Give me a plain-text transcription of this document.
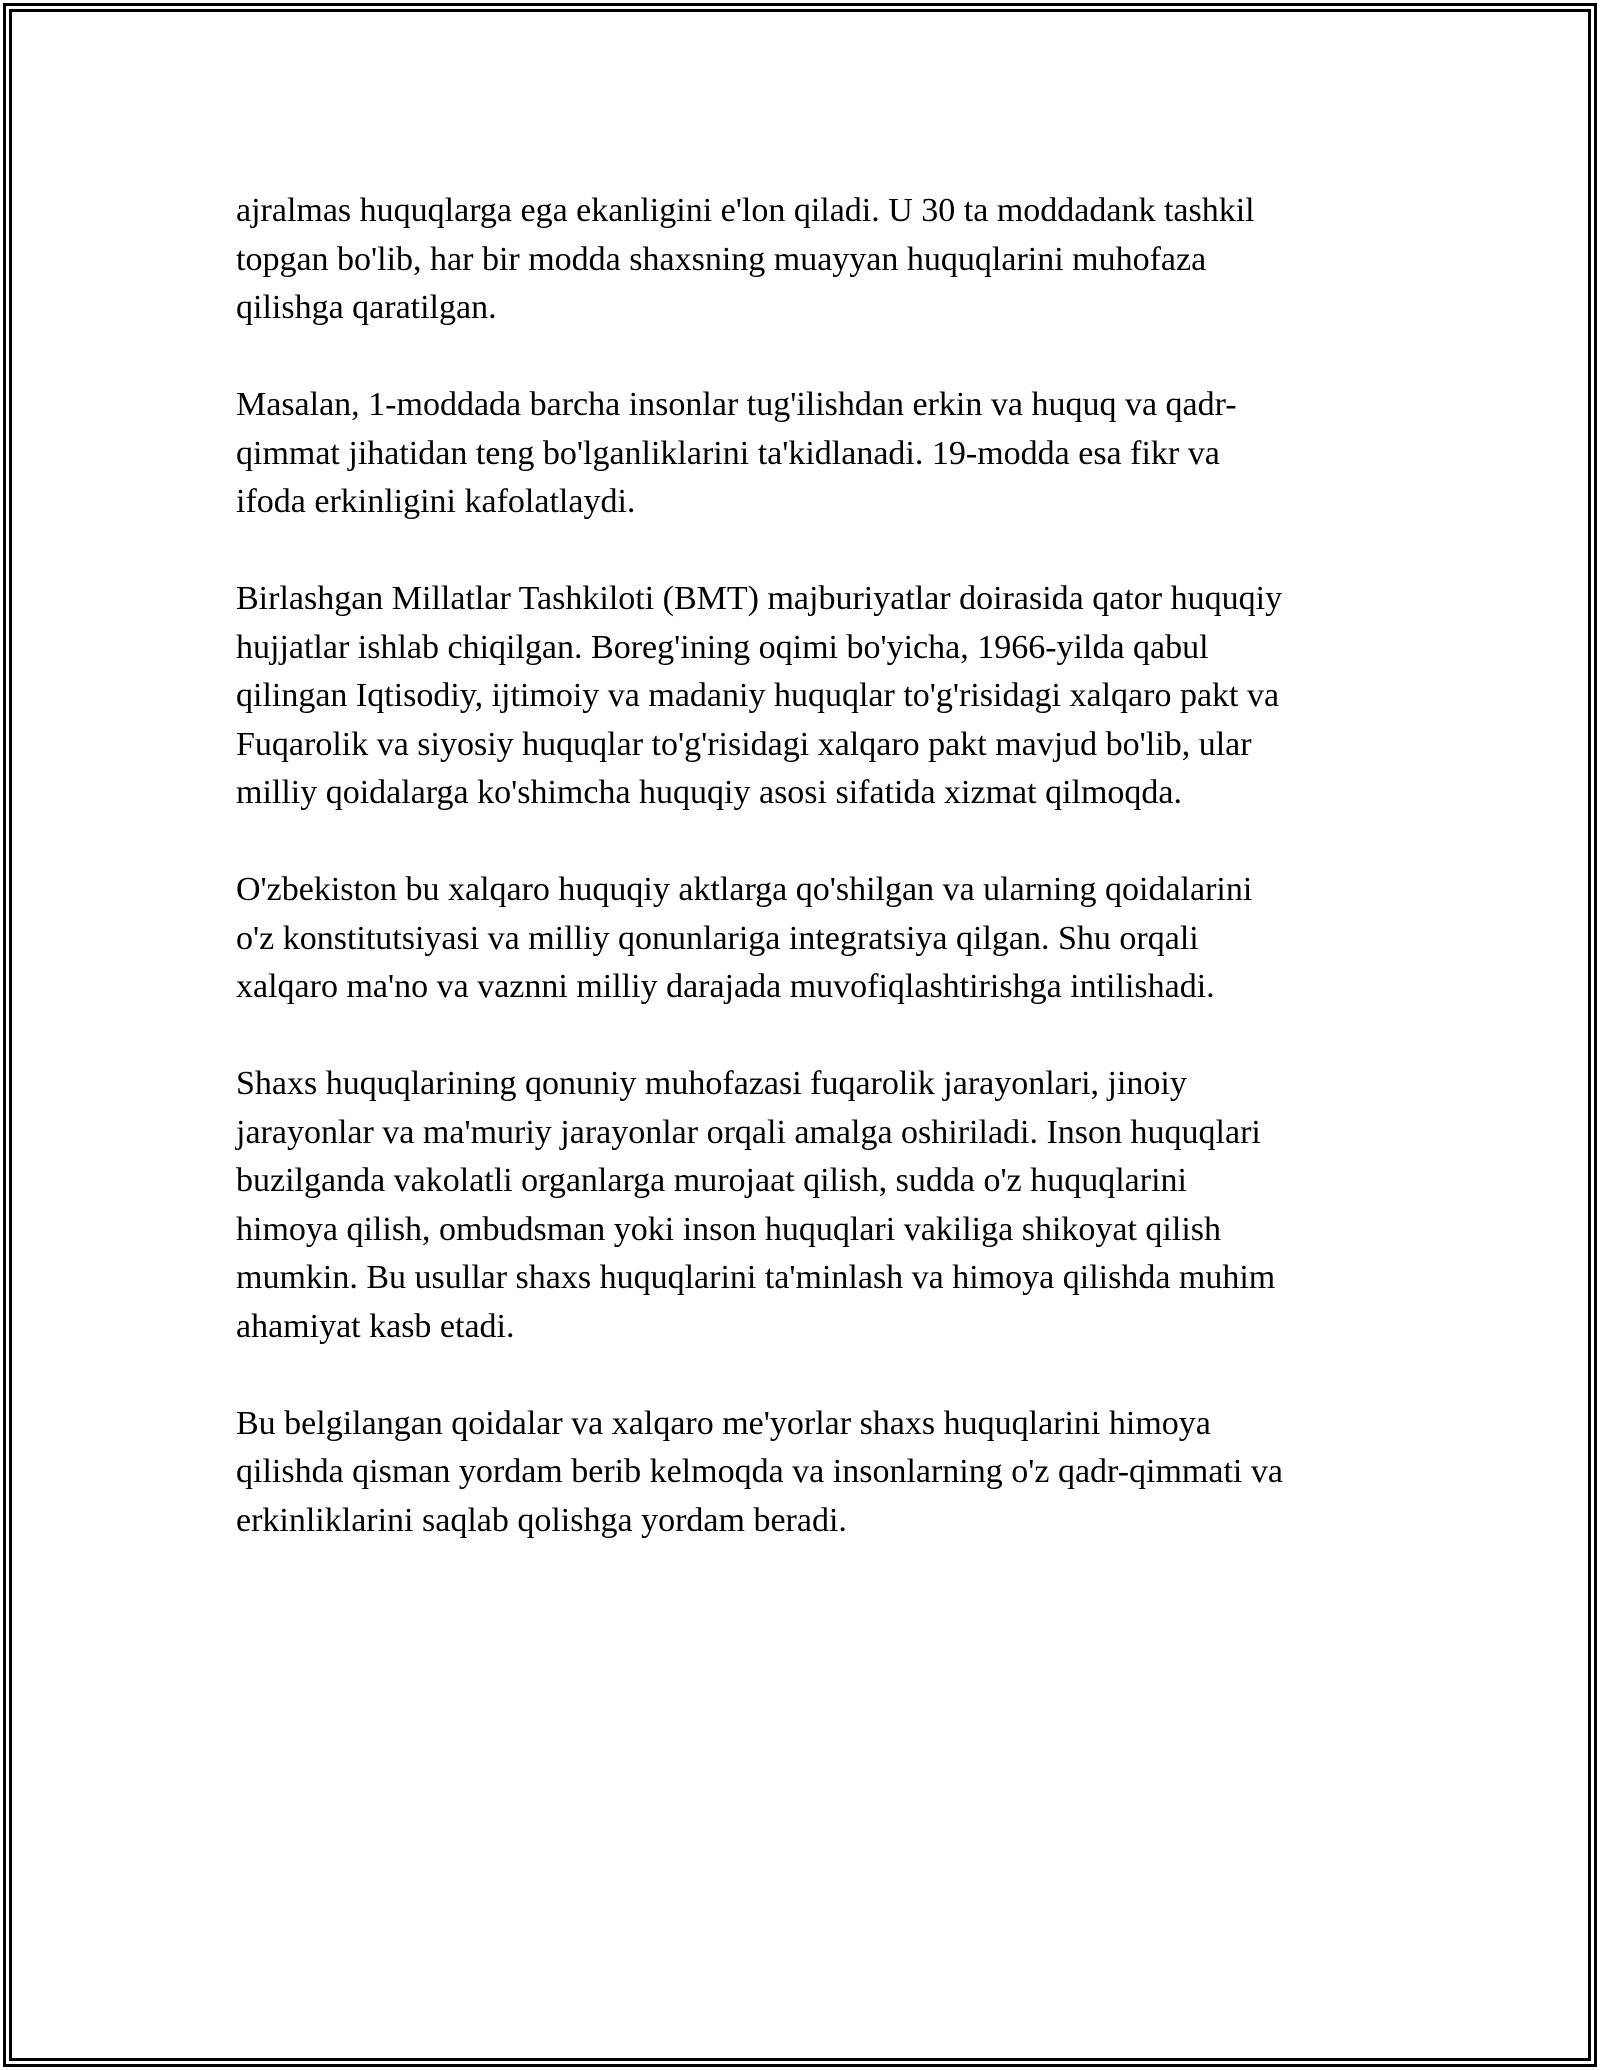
ajralmas huquqlarga ega ekanligini e'lon qiladi. U 30 ta moddadank tashkil
topgan bo'lib, har bir modda shaxsning muayyan huquqlarini muhofaza
qilishga qaratilgan.

Masalan, 1-moddada barcha insonlar tug'ilishdan erkin va huquq va qadr-
qimmat jihatidan teng bo'lganliklarini ta'kidlanadi. 19-modda esa fikr va
ifoda erkinligini kafolatlaydi.

Birlashgan Millatlar Tashkiloti (BMT) majburiyatlar doirasida qator huquqiy
hujjatlar ishlab chiqilgan. Boreg'ining oqimi bo'yicha, 1966-yilda qabul
qilingan Iqtisodiy, ijtimoiy va madaniy huquqlar to'g'risidagi xalqaro pakt va
Fuqarolik va siyosiy huquqlar to'g'risidagi xalqaro pakt mavjud bo'lib, ular
milliy qoidalarga ko'shimcha huquqiy asosi sifatida xizmat qilmoqda.

O'zbekiston bu xalqaro huquqiy aktlarga qo'shilgan va ularning qoidalarini
o'z konstitutsiyasi va milliy qonunlariga integratsiya qilgan. Shu orqali
xalqaro ma'no va vaznni milliy darajada muvofiqlashtirishga intilishadi.

Shaxs huquqlarining qonuniy muhofazasi fuqarolik jarayonlari, jinoiy
jarayonlar va ma'muriy jarayonlar orqali amalga oshiriladi. Inson huquqlari
buzilganda vakolatli organlarga murojaat qilish, sudda o'z huquqlarini
himoya qilish, ombudsman yoki inson huquqlari vakiliga shikoyat qilish
mumkin. Bu usullar shaxs huquqlarini ta'minlash va himoya qilishda muhim
ahamiyat kasb etadi.

Bu belgilangan qoidalar va xalqaro me'yorlar shaxs huquqlarini himoya
qilishda qisman yordam berib kelmoqda va insonlarning o'z qadr-qimmati va
erkinliklarini saqlab qolishga yordam beradi.
